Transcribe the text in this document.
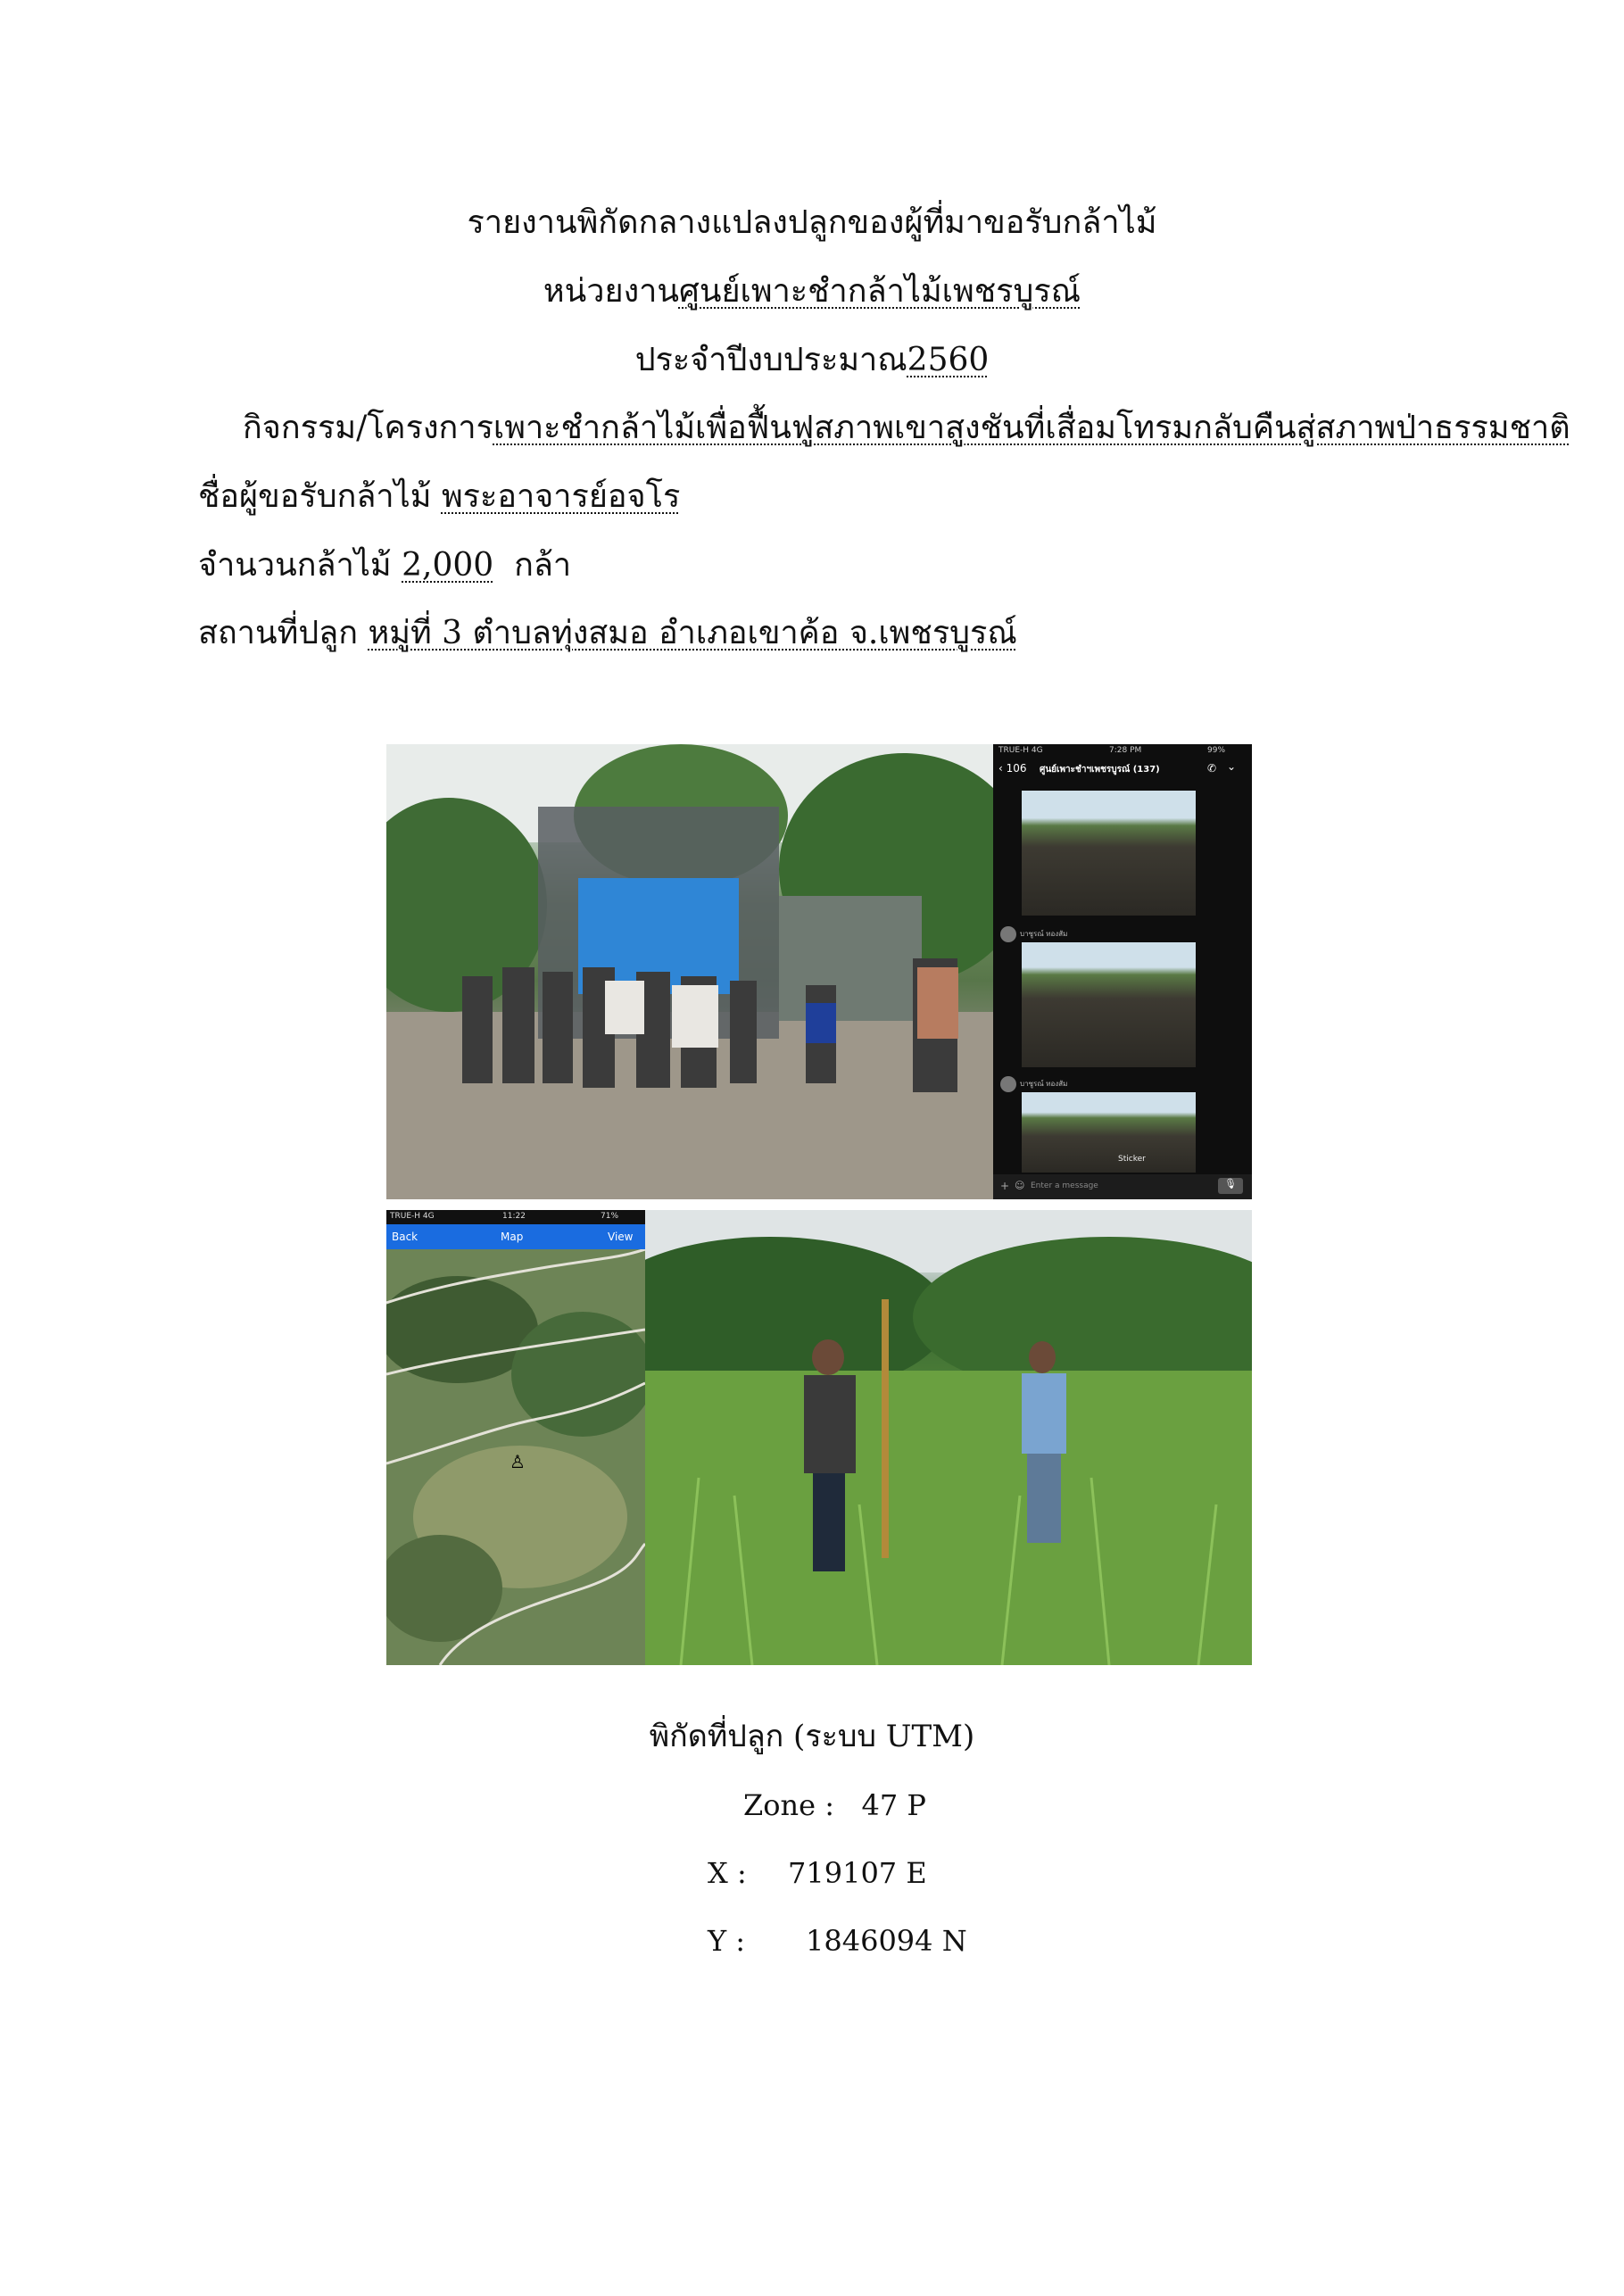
รายงานพิกัดกลางแปลงปลูกของผู้ที่มาขอรับกล้าไม้
หน่วยงานศูนย์เพาะชำกล้าไม้เพชรบูรณ์
ประจำปีงบประมาณ2560
กิจกรรม/โครงการเพาะชำกล้าไม้เพื่อฟื้นฟูสภาพเขาสูงชันที่เสื่อมโทรมกลับคืนสู่สภาพป่าธรรมชาติ
ชื่อผู้ขอรับกล้าไม้ พระอาจารย์อจโร
จำนวนกล้าไม้ 2,000 กล้า
สถานที่ปลูก หมู่ที่ 3 ตำบลทุ่งสมอ อำเภอเขาค้อ จ.เพชรบูรณ์
TRUE-H 4G	7:28 PM	99%
‹ 106 ศูนย์เพาะชำฯเพชรบูรณ์ (137)	✆ ⌄
บาซูรณ์ ทองสัม
บาซูรณ์ ทองสัม
Sticker
+ ☺ Enter a message	🎙
TRUE-H 4G	11:22	71%
Back	Map	View
♙
พิกัดที่ปลูก (ระบบ UTM)
Zone : 47 P
X : 719107 E
Y : 1846094 N
